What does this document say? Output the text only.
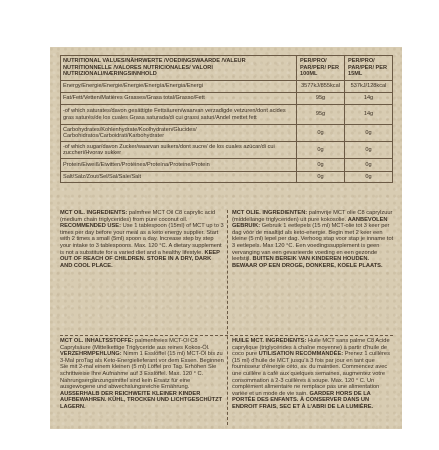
NUTRITIONAL VALUES/NÄHRWERTE /VOEDINGSWAARDE /VALEUR NUTRITIONNELLE /VALORES NUTRICIONALES/ VALORI NUTRIZIONALI/NÆRINGSINNHOLD	PER/PRO/ PAR/PER/ PER 100ML	PER/PRO/ PAR/PER/ PER 15ML
Energy/Energie/Energie/Énergie/Energía/Energia/Energi	3577kJ/855kcal	537kJ/128kcal
Fat/Fett/Vetten/Matières Grasses/Grasa total/Grasso/Fett	95g	14g
-of which saturates/davon gesättigte Fettsäuren/waarvan verzadigde vetzuren/dont acides gras saturés/de los cuales Grasa saturada/di cui grassi saturi/Andel mettet fett	95g	14g
Carbohydrates/Kohlenhydrate/Koolhydraten/Glucides/ Carbohidratos/Carboidrati/Karbohydrater	0g	0g
-of which sugar/davon Zucker/waarvan suikers/dont sucre/ de los cuales azúcar/di cui zuccheri/Hvorav sukker	0g	0g
Protein/Eiweiß/Eiwitten/Protéines/Proteína/Proteine/Protein	0g	0g
Salt/Salz/Zout/Sel/Sal/Sale/Salt	0g	0g
MCT OIL. INGREDIENTS: palmfree MCT Oil C8 caprylic acid (medium chain triglycerides) from pure coconut oil. RECOMMENDED USE: Use 1 tablespoon (15ml) of MCT up to 3 times per day before your meal as a keto energy supplier. Start with 2 times a small (5ml) spoon a day. Increase step by step your intake to 3 tablespoons. Max. 120 °C. A dietary supplement is not a substitute for a varied diet and a healthy lifestyle. KEEP OUT OF REACH OF CHILDREN. STORE IN A DRY, DARK AND COOL PLACE.
MCT OLIE. INGREDIËNTEN: palmvrije MCT olie C8 caprylzuur (middellange triglyceriden) uit pure kokosolie. AANBEVOLEN GEBRUIK: Gebruik 1 eetlepels (15 ml) MCT-olie tot 3 keer per dag vóór de maaltijd als keto-energie. Begin met 2 keer een kleine (5 ml) lepel per dag. Verhoog stap voor stap je inname tot 3 eetlepels. Max 120 °C. Een voedingssupplement is geen vervanging van een gevarieerde voeding en een gezonde leefstijl. BUITEN BEREIK VAN KINDEREN HOUDEN. BEWAAR OP EEN DROGE, DONKERE, KOELE PLAATS.
MCT ÖL. INHALTSSTOFFE: palmenfreies MCT-Öl C8 Caprylsäure (Mittelkettige Triglyceride aus reines Kokos-Öl. VERZEHRMPEHLUNG: Nimm 1 Esslöffel (15 ml) MCT-Öl bis zu 3-Mal proTag als Keto-Energielieferant vor dem Essen. Beginnen Sie mit 2-mal einem kleinen (5 ml) Löffel pro Tag. Erhöhen Sie schrittweise Ihre Aufnahme auf 3 Esslöffel. Max. 120 ° C. Nahrungsergänzungsmittel sind kein Ersatz für eine ausgewogene und abwechslungsreiche Ernährung. AUSSERHALB DER REICHWEITE KLEINER KINDER AUFBEWAHREN. KÜHL, TROCKEN UND LICHTGESCHÜTZT LAGERN.
HUILE MCT. INGRÉDIENTS: Huile MCT sans palme C8 Acide caprylique (triglycérides à chaîne moyenne) à partir d'huile de coco pure UTILISATION RECOMMANDÉE: Prenez 1 cuillères (15 ml) d'huile de MCT jusqu'à 3 fois par jour en tant que fournisseur d'énergie céto, av. du maintien. Commencez avec une cuillère à café aux quelques semaines, augmentez votre consommation à 2-3 cuillères à soupe. Max. 120 ° C. Un complément alimentaire ne remplace pas une alimentation variée et un mode de vie sain. GARDER HORS DE LA PORTÉE DES ENFANTS. À CONSERVER DANS UN ENDROIT FRAIS, SEC ET À L'ABRI DE LA LUMIÈRE.
